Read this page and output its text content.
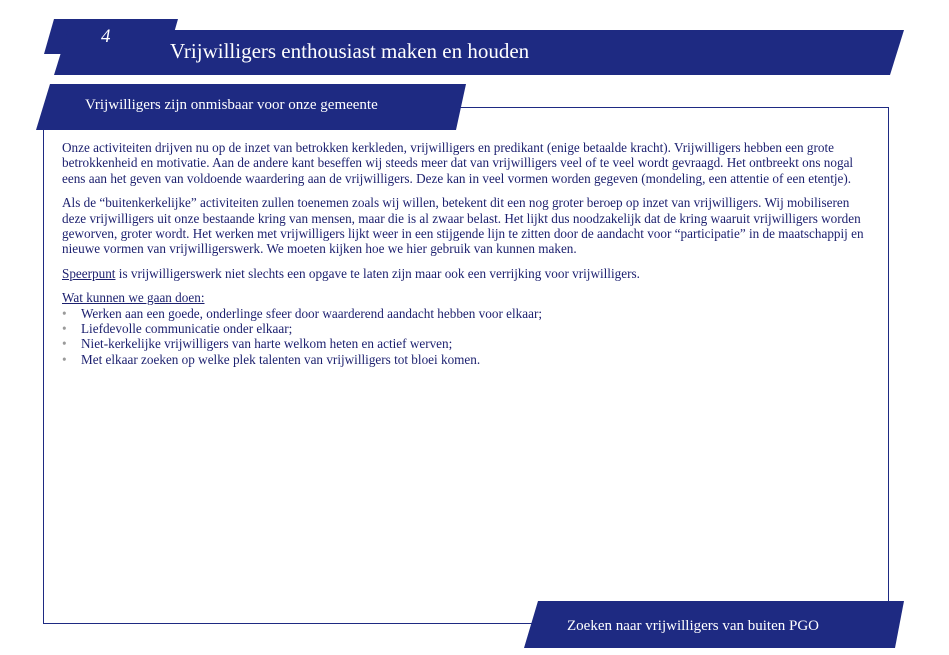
4
Vrijwilligers enthousiast maken en houden
Vrijwilligers zijn onmisbaar voor onze gemeente

Onze activiteiten drijven nu op de inzet van betrokken kerkleden, vrijwilligers en predikant (enige betaalde kracht). Vrijwilligers hebben een grote betrokkenheid en motivatie. Aan de andere kant beseffen wij steeds meer dat van vrijwilligers veel of te veel wordt gevraagd. Het ontbreekt ons nogal eens aan het geven van voldoende waardering aan de vrijwilligers. Deze kan in veel vormen worden gegeven (mondeling, een attentie of een etentje).

Als de “buitenkerkelijke” activiteiten zullen toenemen zoals wij willen, betekent dit een nog groter beroep op inzet van vrijwilligers. Wij mobiliseren deze vrijwilligers uit onze bestaande kring van mensen, maar die is al zwaar belast. Het lijkt dus noodzakelijk dat de kring waaruit vrijwilligers worden geworven, groter wordt. Het werken met vrijwilligers lijkt weer in een stijgende lijn te zitten door de aandacht voor “participatie” in de maatschappij en nieuwe vormen van vrijwilligerswerk. We moeten kijken hoe we hier gebruik van kunnen maken.

Speerpunt is vrijwilligerswerk niet slechts een opgave te laten zijn maar ook een verrijking voor vrijwilligers.

Wat kunnen we gaan doen:
• Werken aan een goede, onderlinge sfeer door waarderend aandacht hebben voor elkaar;
• Liefdevolle communicatie onder elkaar;
• Niet-kerkelijke vrijwilligers van harte welkom heten en actief werven;
• Met elkaar zoeken op welke plek talenten van vrijwilligers tot bloei komen.
Zoeken naar vrijwilligers van buiten PGO
